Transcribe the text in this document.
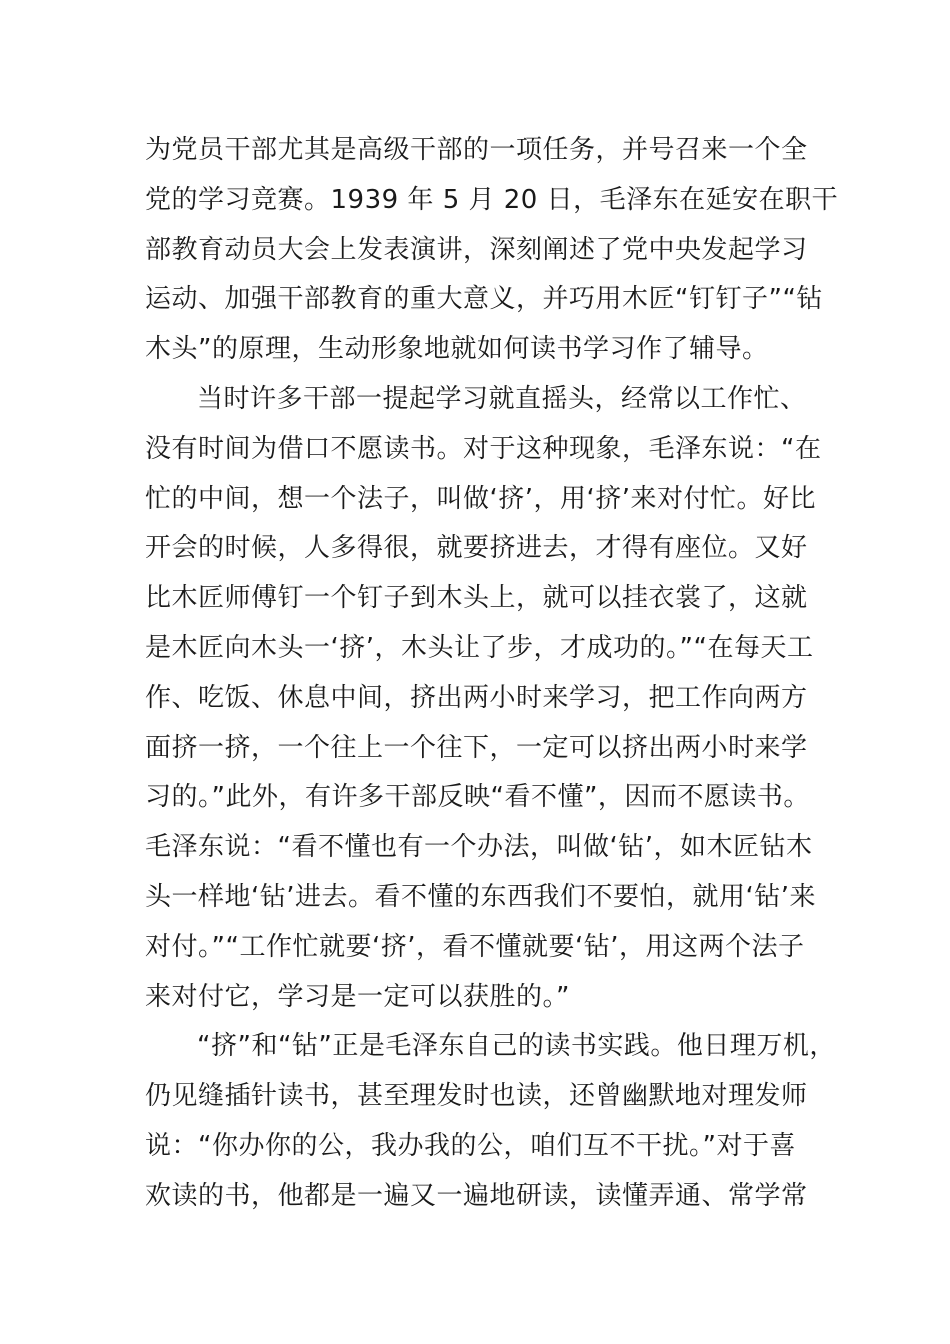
为党员干部尤其是高级干部的一项任务，并号召来一个全
党的学习竞赛。1939 年 5 月 20 日，毛泽东在延安在职干
部教育动员大会上发表演讲，深刻阐述了党中央发起学习
运动、加强干部教育的重大意义，并巧用木匠“钉钉子”“钻
木头”的原理，生动形象地就如何读书学习作了辅导。
当时许多干部一提起学习就直摇头，经常以工作忙、
没有时间为借口不愿读书。对于这种现象，毛泽东说：“在
忙的中间，想一个法子，叫做‘挤’，用‘挤’来对付忙。好比
开会的时候，人多得很，就要挤进去，才得有座位。又好
比木匠师傅钉一个钉子到木头上，就可以挂衣裳了，这就
是木匠向木头一‘挤’，木头让了步，才成功的。”“在每天工
作、吃饭、休息中间，挤出两小时来学习，把工作向两方
面挤一挤，一个往上一个往下，一定可以挤出两小时来学
习的。”此外，有许多干部反映“看不懂”，因而不愿读书。
毛泽东说：“看不懂也有一个办法，叫做‘钻’，如木匠钻木
头一样地‘钻’进去。看不懂的东西我们不要怕，就用‘钻’来
对付。”“工作忙就要‘挤’，看不懂就要‘钻’，用这两个法子
来对付它，学习是一定可以获胜的。”
“挤”和“钻”正是毛泽东自己的读书实践。他日理万机，
仍见缝插针读书，甚至理发时也读，还曾幽默地对理发师
说：“你办你的公，我办我的公，咱们互不干扰。”对于喜
欢读的书，他都是一遍又一遍地研读，读懂弄通、常学常
